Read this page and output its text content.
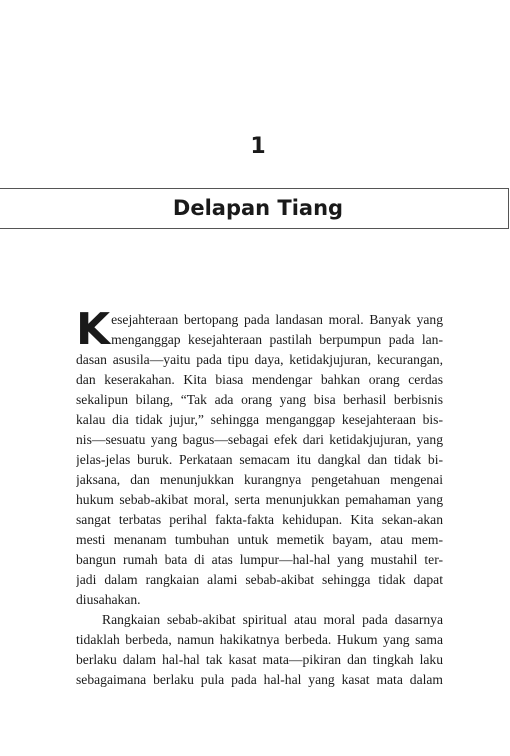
1
Delapan Tiang

K esejahteraan bertopang pada landasan moral. Banyak yang
menganggap kesejahteraan pastilah berpumpun pada lan-
dasan asusila—yaitu pada tipu daya, ketidakjujuran, kecurangan,
dan keserakahan. Kita biasa mendengar bahkan orang cerdas
sekalipun bilang, “Tak ada orang yang bisa berhasil berbisnis
kalau dia tidak jujur,” sehingga menganggap kesejahteraan bis-
nis—sesuatu yang bagus—sebagai efek dari ketidakjujuran, yang
jelas-jelas buruk. Perkataan semacam itu dangkal dan tidak bi-
jaksana, dan menunjukkan kurangnya pengetahuan mengenai
hukum sebab-akibat moral, serta menunjukkan pemahaman yang
sangat terbatas perihal fakta-fakta kehidupan. Kita sekan-akan
mesti menanam tumbuhan untuk memetik bayam, atau mem-
bangun rumah bata di atas lumpur—hal-hal yang mustahil ter-
jadi dalam rangkaian alami sebab-akibat sehingga tidak dapat
diusahakan.

Rangkaian sebab-akibat spiritual atau moral pada dasarnya
tidaklah berbeda, namun hakikatnya berbeda. Hukum yang sama
berlaku dalam hal-hal tak kasat mata—pikiran dan tingkah laku
sebagaimana berlaku pula pada hal-hal yang kasat mata dalam
